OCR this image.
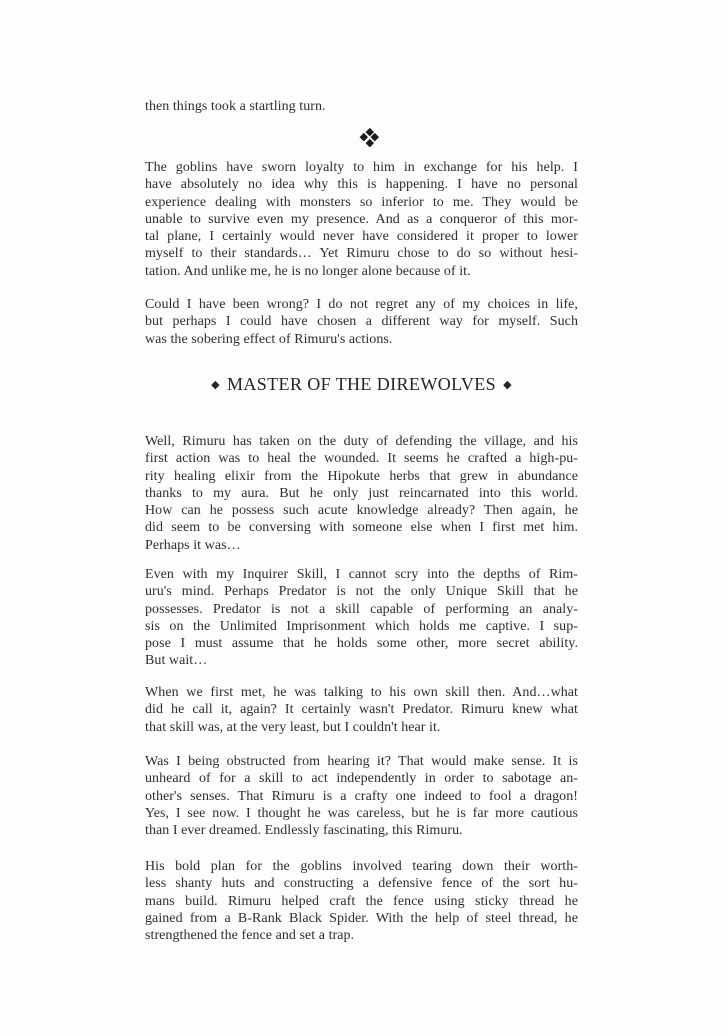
then things took a startling turn.
The goblins have sworn loyalty to him in exchange for his help. I
have absolutely no idea why this is happening. I have no personal
experience dealing with monsters so inferior to me. They would be
unable to survive even my presence. And as a conqueror of this mor-
tal plane, I certainly would never have considered it proper to lower
myself to their standards… Yet Rimuru chose to do so without hesi-
tation. And unlike me, he is no longer alone because of it.
Could I have been wrong? I do not regret any of my choices in life,
but perhaps I could have chosen a different way for myself. Such
was the sobering effect of Rimuru's actions.
◆ MASTER OF THE DIREWOLVES ◆
Well, Rimuru has taken on the duty of defending the village, and his
first action was to heal the wounded. It seems he crafted a high-pu-
rity healing elixir from the Hipokute herbs that grew in abundance
thanks to my aura. But he only just reincarnated into this world.
How can he possess such acute knowledge already? Then again, he
did seem to be conversing with someone else when I first met him.
Perhaps it was…
Even with my Inquirer Skill, I cannot scry into the depths of Rim-
uru's mind. Perhaps Predator is not the only Unique Skill that he
possesses. Predator is not a skill capable of performing an analy-
sis on the Unlimited Imprisonment which holds me captive. I sup-
pose I must assume that he holds some other, more secret ability.
But wait…
When we first met, he was talking to his own skill then. And…what
did he call it, again? It certainly wasn't Predator. Rimuru knew what
that skill was, at the very least, but I couldn't hear it.
Was I being obstructed from hearing it? That would make sense. It is
unheard of for a skill to act independently in order to sabotage an-
other's senses. That Rimuru is a crafty one indeed to fool a dragon!
Yes, I see now. I thought he was careless, but he is far more cautious
than I ever dreamed. Endlessly fascinating, this Rimuru.
His bold plan for the goblins involved tearing down their worth-
less shanty huts and constructing a defensive fence of the sort hu-
mans build. Rimuru helped craft the fence using sticky thread he
gained from a B-Rank Black Spider. With the help of steel thread, he
strengthened the fence and set a trap.
